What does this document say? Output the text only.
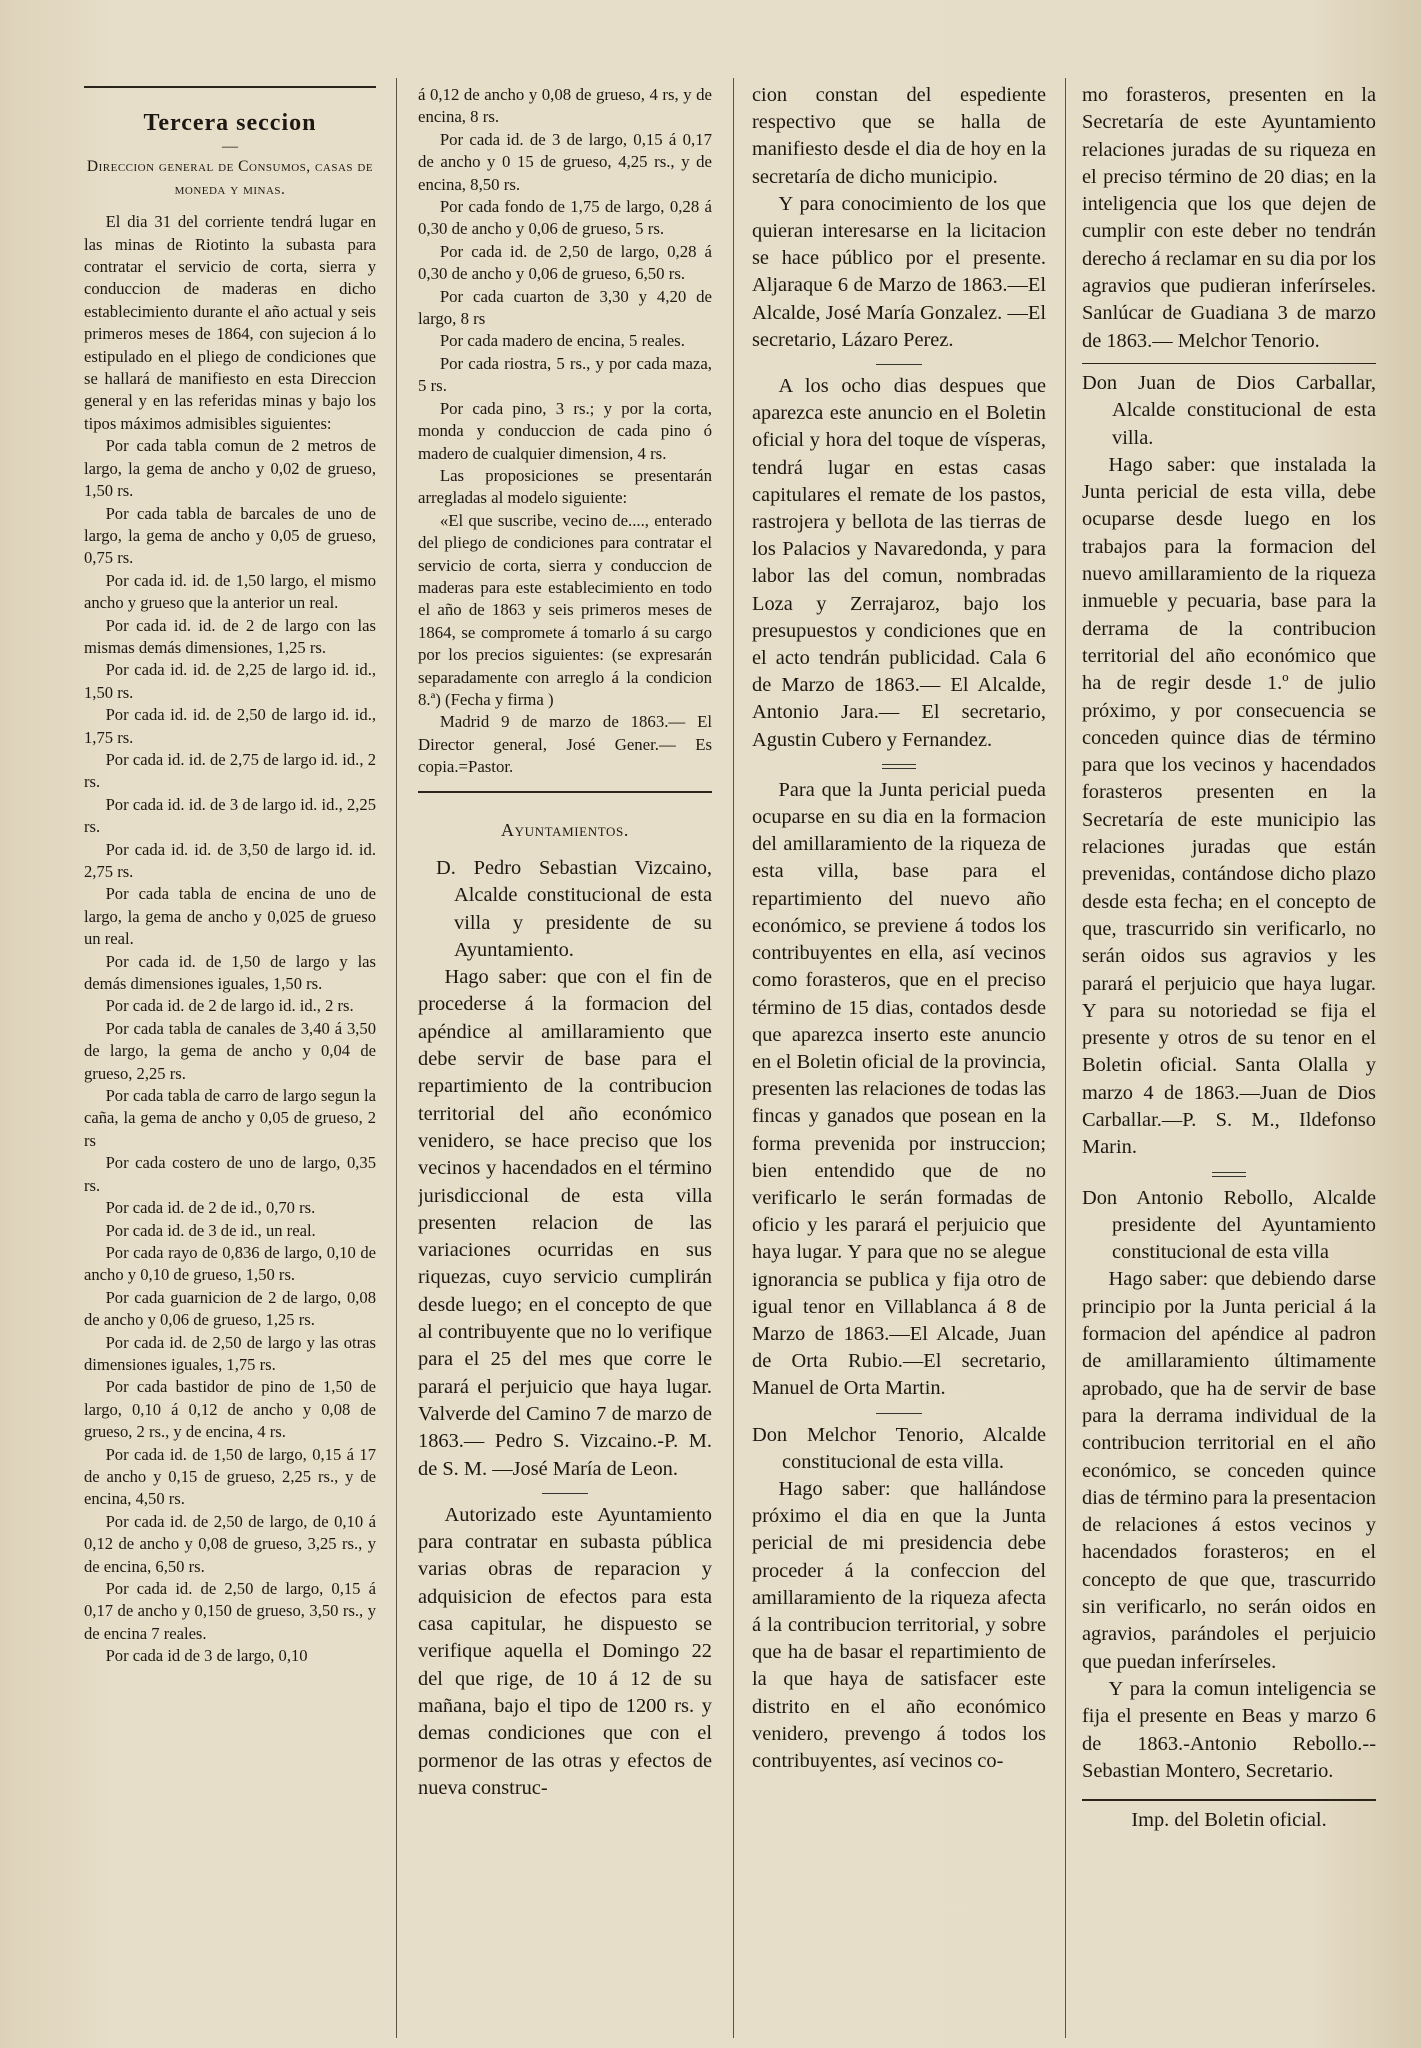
Tercera seccion
—

Direccion general de Consumos, casas de moneda y minas.

El dia 31 del corriente tendrá lugar en las minas de Riotinto la subasta para contratar el servicio de corta, sierra y conduccion de maderas en dicho establecimiento durante el año actual y seis primeros meses de 1864, con sujecion á lo estipulado en el pliego de condiciones que se hallará de manifiesto en esta Direccion general y en las referidas minas y bajo los tipos máximos admisibles siguientes:

Por cada tabla comun de 2 metros de largo, la gema de ancho y 0,02 de grueso, 1,50 rs.

Por cada tabla de barcales de uno de largo, la gema de ancho y 0,05 de grueso, 0,75 rs.

Por cada id. id. de 1,50 largo, el mismo ancho y grueso que la anterior un real.

Por cada id. id. de 2 de largo con las mismas demás dimensiones, 1,25 rs.

Por cada id. id. de 2,25 de largo id. id., 1,50 rs.

Por cada id. id. de 2,50 de largo id. id., 1,75 rs.

Por cada id. id. de 2,75 de largo id. id., 2 rs.

Por cada id. id. de 3 de largo id. id., 2,25 rs.

Por cada id. id. de 3,50 de largo id. id. 2,75 rs.

Por cada tabla de encina de uno de largo, la gema de ancho y 0,025 de grueso un real.

Por cada id. de 1,50 de largo y las demás dimensiones iguales, 1,50 rs.

Por cada id. de 2 de largo id. id., 2 rs.

Por cada tabla de canales de 3,40 á 3,50 de largo, la gema de ancho y 0,04 de grueso, 2,25 rs.

Por cada tabla de carro de largo segun la caña, la gema de ancho y 0,05 de grueso, 2 rs

Por cada costero de uno de largo, 0,35 rs.

Por cada id. de 2 de id., 0,70 rs.

Por cada id. de 3 de id., un real.

Por cada rayo de 0,836 de largo, 0,10 de ancho y 0,10 de grueso, 1,50 rs.

Por cada guarnicion de 2 de largo, 0,08 de ancho y 0,06 de grueso, 1,25 rs.

Por cada id. de 2,50 de largo y las otras dimensiones iguales, 1,75 rs.

Por cada bastidor de pino de 1,50 de largo, 0,10 á 0,12 de ancho y 0,08 de grueso, 2 rs., y de encina, 4 rs.

Por cada id. de 1,50 de largo, 0,15 á 17 de ancho y 0,15 de grueso, 2,25 rs., y de encina, 4,50 rs.

Por cada id. de 2,50 de largo, de 0,10 á 0,12 de ancho y 0,08 de grueso, 3,25 rs., y de encina, 6,50 rs.

Por cada id. de 2,50 de largo, 0,15 á 0,17 de ancho y 0,150 de grueso, 3,50 rs., y de encina 7 reales.

Por cada id de 3 de largo, 0,10

á 0,12 de ancho y 0,08 de grueso, 4 rs, y de encina, 8 rs.

Por cada id. de 3 de largo, 0,15 á 0,17 de ancho y 0 15 de grueso, 4,25 rs., y de encina, 8,50 rs.

Por cada fondo de 1,75 de largo, 0,28 á 0,30 de ancho y 0,06 de grueso, 5 rs.

Por cada id. de 2,50 de largo, 0,28 á 0,30 de ancho y 0,06 de grueso, 6,50 rs.

Por cada cuarton de 3,30 y 4,20 de largo, 8 rs

Por cada madero de encina, 5 reales.

Por cada riostra, 5 rs., y por cada maza, 5 rs.

Por cada pino, 3 rs.; y por la corta, monda y conduccion de cada pino ó madero de cualquier dimension, 4 rs.

Las proposiciones se presentarán arregladas al modelo siguiente:

«El que suscribe, vecino de...., enterado del pliego de condiciones para contratar el servicio de corta, sierra y conduccion de maderas para este establecimiento en todo el año de 1863 y seis primeros meses de 1864, se compromete á tomarlo á su cargo por los precios siguientes: (se expresarán separadamente con arreglo á la condicion 8.ª) (Fecha y firma )

Madrid 9 de marzo de 1863.— El Director general, José Gener.— Es copia.=Pastor.

Ayuntamientos.

D. Pedro Sebastian Vizcaino, Alcalde constitucional de esta villa y presidente de su Ayuntamiento.

Hago saber: que con el fin de procederse á la formacion del apéndice al amillaramiento que debe servir de base para el repartimiento de la contribucion territorial del año económico venidero, se hace preciso que los vecinos y hacendados en el término jurisdiccional de esta villa presenten relacion de las variaciones ocurridas en sus riquezas, cuyo servicio cumplirán desde luego; en el concepto de que al contribuyente que no lo verifique para el 25 del mes que corre le parará el perjuicio que haya lugar. Valverde del Camino 7 de marzo de 1863.— Pedro S. Vizcaino.-P. M. de S. M. —José María de Leon.

Autorizado este Ayuntamiento para contratar en subasta pública varias obras de reparacion y adquisicion de efectos para esta casa capitular, he dispuesto se verifique aquella el Domingo 22 del que rige, de 10 á 12 de su mañana, bajo el tipo de 1200 rs. y demas condiciones que con el pormenor de las otras y efectos de nueva construc-

cion constan del espediente respectivo que se halla de manifiesto desde el dia de hoy en la secretaría de dicho municipio.

Y para conocimiento de los que quieran interesarse en la licitacion se hace público por el presente. Aljaraque 6 de Marzo de 1863.—El Alcalde, José María Gonzalez. —El secretario, Lázaro Perez.

A los ocho dias despues que aparezca este anuncio en el Boletin oficial y hora del toque de vísperas, tendrá lugar en estas casas capitulares el remate de los pastos, rastrojera y bellota de las tierras de los Palacios y Navaredonda, y para labor las del comun, nombradas Loza y Zerrajaroz, bajo los presupuestos y condiciones que en el acto tendrán publicidad. Cala 6 de Marzo de 1863.— El Alcalde, Antonio Jara.— El secretario, Agustin Cubero y Fernandez.

Para que la Junta pericial pueda ocuparse en su dia en la formacion del amillaramiento de la riqueza de esta villa, base para el repartimiento del nuevo año económico, se previene á todos los contribuyentes en ella, así vecinos como forasteros, que en el preciso término de 15 dias, contados desde que aparezca inserto este anuncio en el Boletin oficial de la provincia, presenten las relaciones de todas las fincas y ganados que posean en la forma prevenida por instruccion; bien entendido que de no verificarlo le serán formadas de oficio y les parará el perjuicio que haya lugar. Y para que no se alegue ignorancia se publica y fija otro de igual tenor en Villablanca á 8 de Marzo de 1863.—El Alcade, Juan de Orta Rubio.—El secretario, Manuel de Orta Martin.

Don Melchor Tenorio, Alcalde constitucional de esta villa.

Hago saber: que hallándose próximo el dia en que la Junta pericial de mi presidencia debe proceder á la confeccion del amillaramiento de la riqueza afecta á la contribucion territorial, y sobre que ha de basar el repartimiento de la que haya de satisfacer este distrito en el año económico venidero, prevengo á todos los contribuyentes, así vecinos co-

mo forasteros, presenten en la Secretaría de este Ayuntamiento relaciones juradas de su riqueza en el preciso término de 20 dias; en la inteligencia que los que dejen de cumplir con este deber no tendrán derecho á reclamar en su dia por los agravios que pudieran inferírseles. Sanlúcar de Guadiana 3 de marzo de 1863.— Melchor Tenorio.

Don Juan de Dios Carballar, Alcalde constitucional de esta villa.

Hago saber: que instalada la Junta pericial de esta villa, debe ocuparse desde luego en los trabajos para la formacion del nuevo amillaramiento de la riqueza inmueble y pecuaria, base para la derrama de la contribucion territorial del año económico que ha de regir desde 1.º de julio próximo, y por consecuencia se conceden quince dias de término para que los vecinos y hacendados forasteros presenten en la Secretaría de este municipio las relaciones juradas que están prevenidas, contándose dicho plazo desde esta fecha; en el concepto de que, trascurrido sin verificarlo, no serán oidos sus agravios y les parará el perjuicio que haya lugar. Y para su notoriedad se fija el presente y otros de su tenor en el Boletin oficial. Santa Olalla y marzo 4 de 1863.—Juan de Dios Carballar.—P. S. M., Ildefonso Marin.

Don Antonio Rebollo, Alcalde presidente del Ayuntamiento constitucional de esta villa

Hago saber: que debiendo darse principio por la Junta pericial á la formacion del apéndice al padron de amillaramiento últimamente aprobado, que ha de servir de base para la derrama individual de la contribucion territorial en el año económico, se conceden quince dias de término para la presentacion de relaciones á estos vecinos y hacendados forasteros; en el concepto de que que, trascurrido sin verificarlo, no serán oidos en agravios, parándoles el perjuicio que puedan inferírseles.

Y para la comun inteligencia se fija el presente en Beas y marzo 6 de 1863.-Antonio Rebollo.--Sebastian Montero, Secretario.

Imp. del Boletin oficial.
